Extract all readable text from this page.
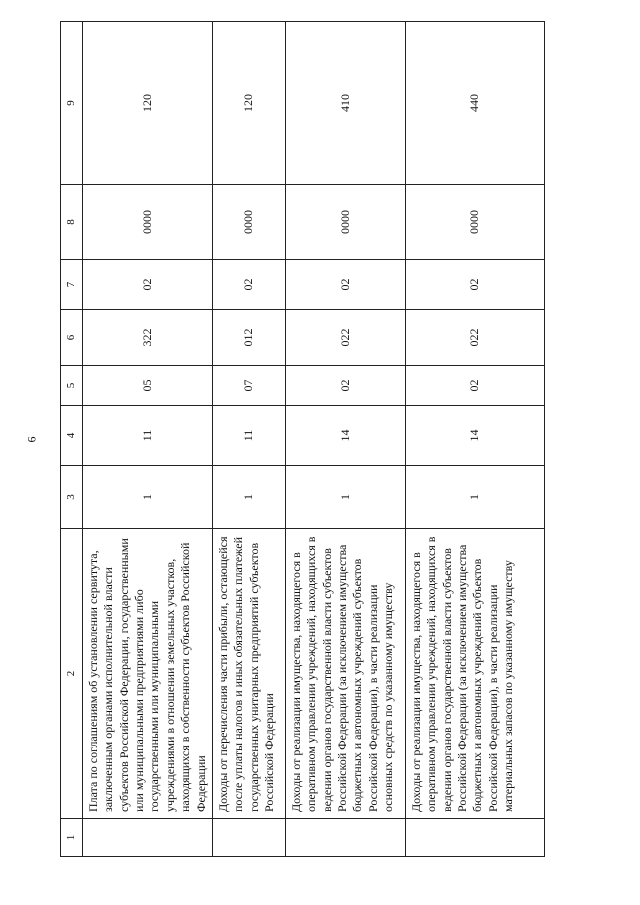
6
1	2	3	4	5	6	7	8	9
	Плата по соглашениям об установлении сервитута, заключенным органами исполнительной власти субъектов Российской Федерации, государственными или муниципальными предприятиями либо государственными или муниципальными учреждениями в отношении земельных участков, находящихся в собственности субъектов Российской Федерации	1	11	05	322	02	0000	120
	Доходы от перечисления части прибыли, остающейся после уплаты налогов и иных обязательных платежей государственных унитарных предприятий субъектов Российской Федерации	1	11	07	012	02	0000	120
	Доходы от реализации имущества, находящегося в оперативном управлении учреждений, находящихся в ведении органов государственной власти субъектов Российской Федерации (за исключением имущества бюджетных и автономных учреждений субъектов Российской Федерации), в части реализации основных средств по указанному имуществу	1	14	02	022	02	0000	410
	Доходы от реализации имущества, находящегося в оперативном управлении учреждений, находящихся в ведении органов государственной власти субъектов Российской Федерации (за исключением имущества бюджетных и автономных учреждений субъектов Российской Федерации), в части реализации материальных запасов по указанному имуществу	1	14	02	022	02	0000	440
